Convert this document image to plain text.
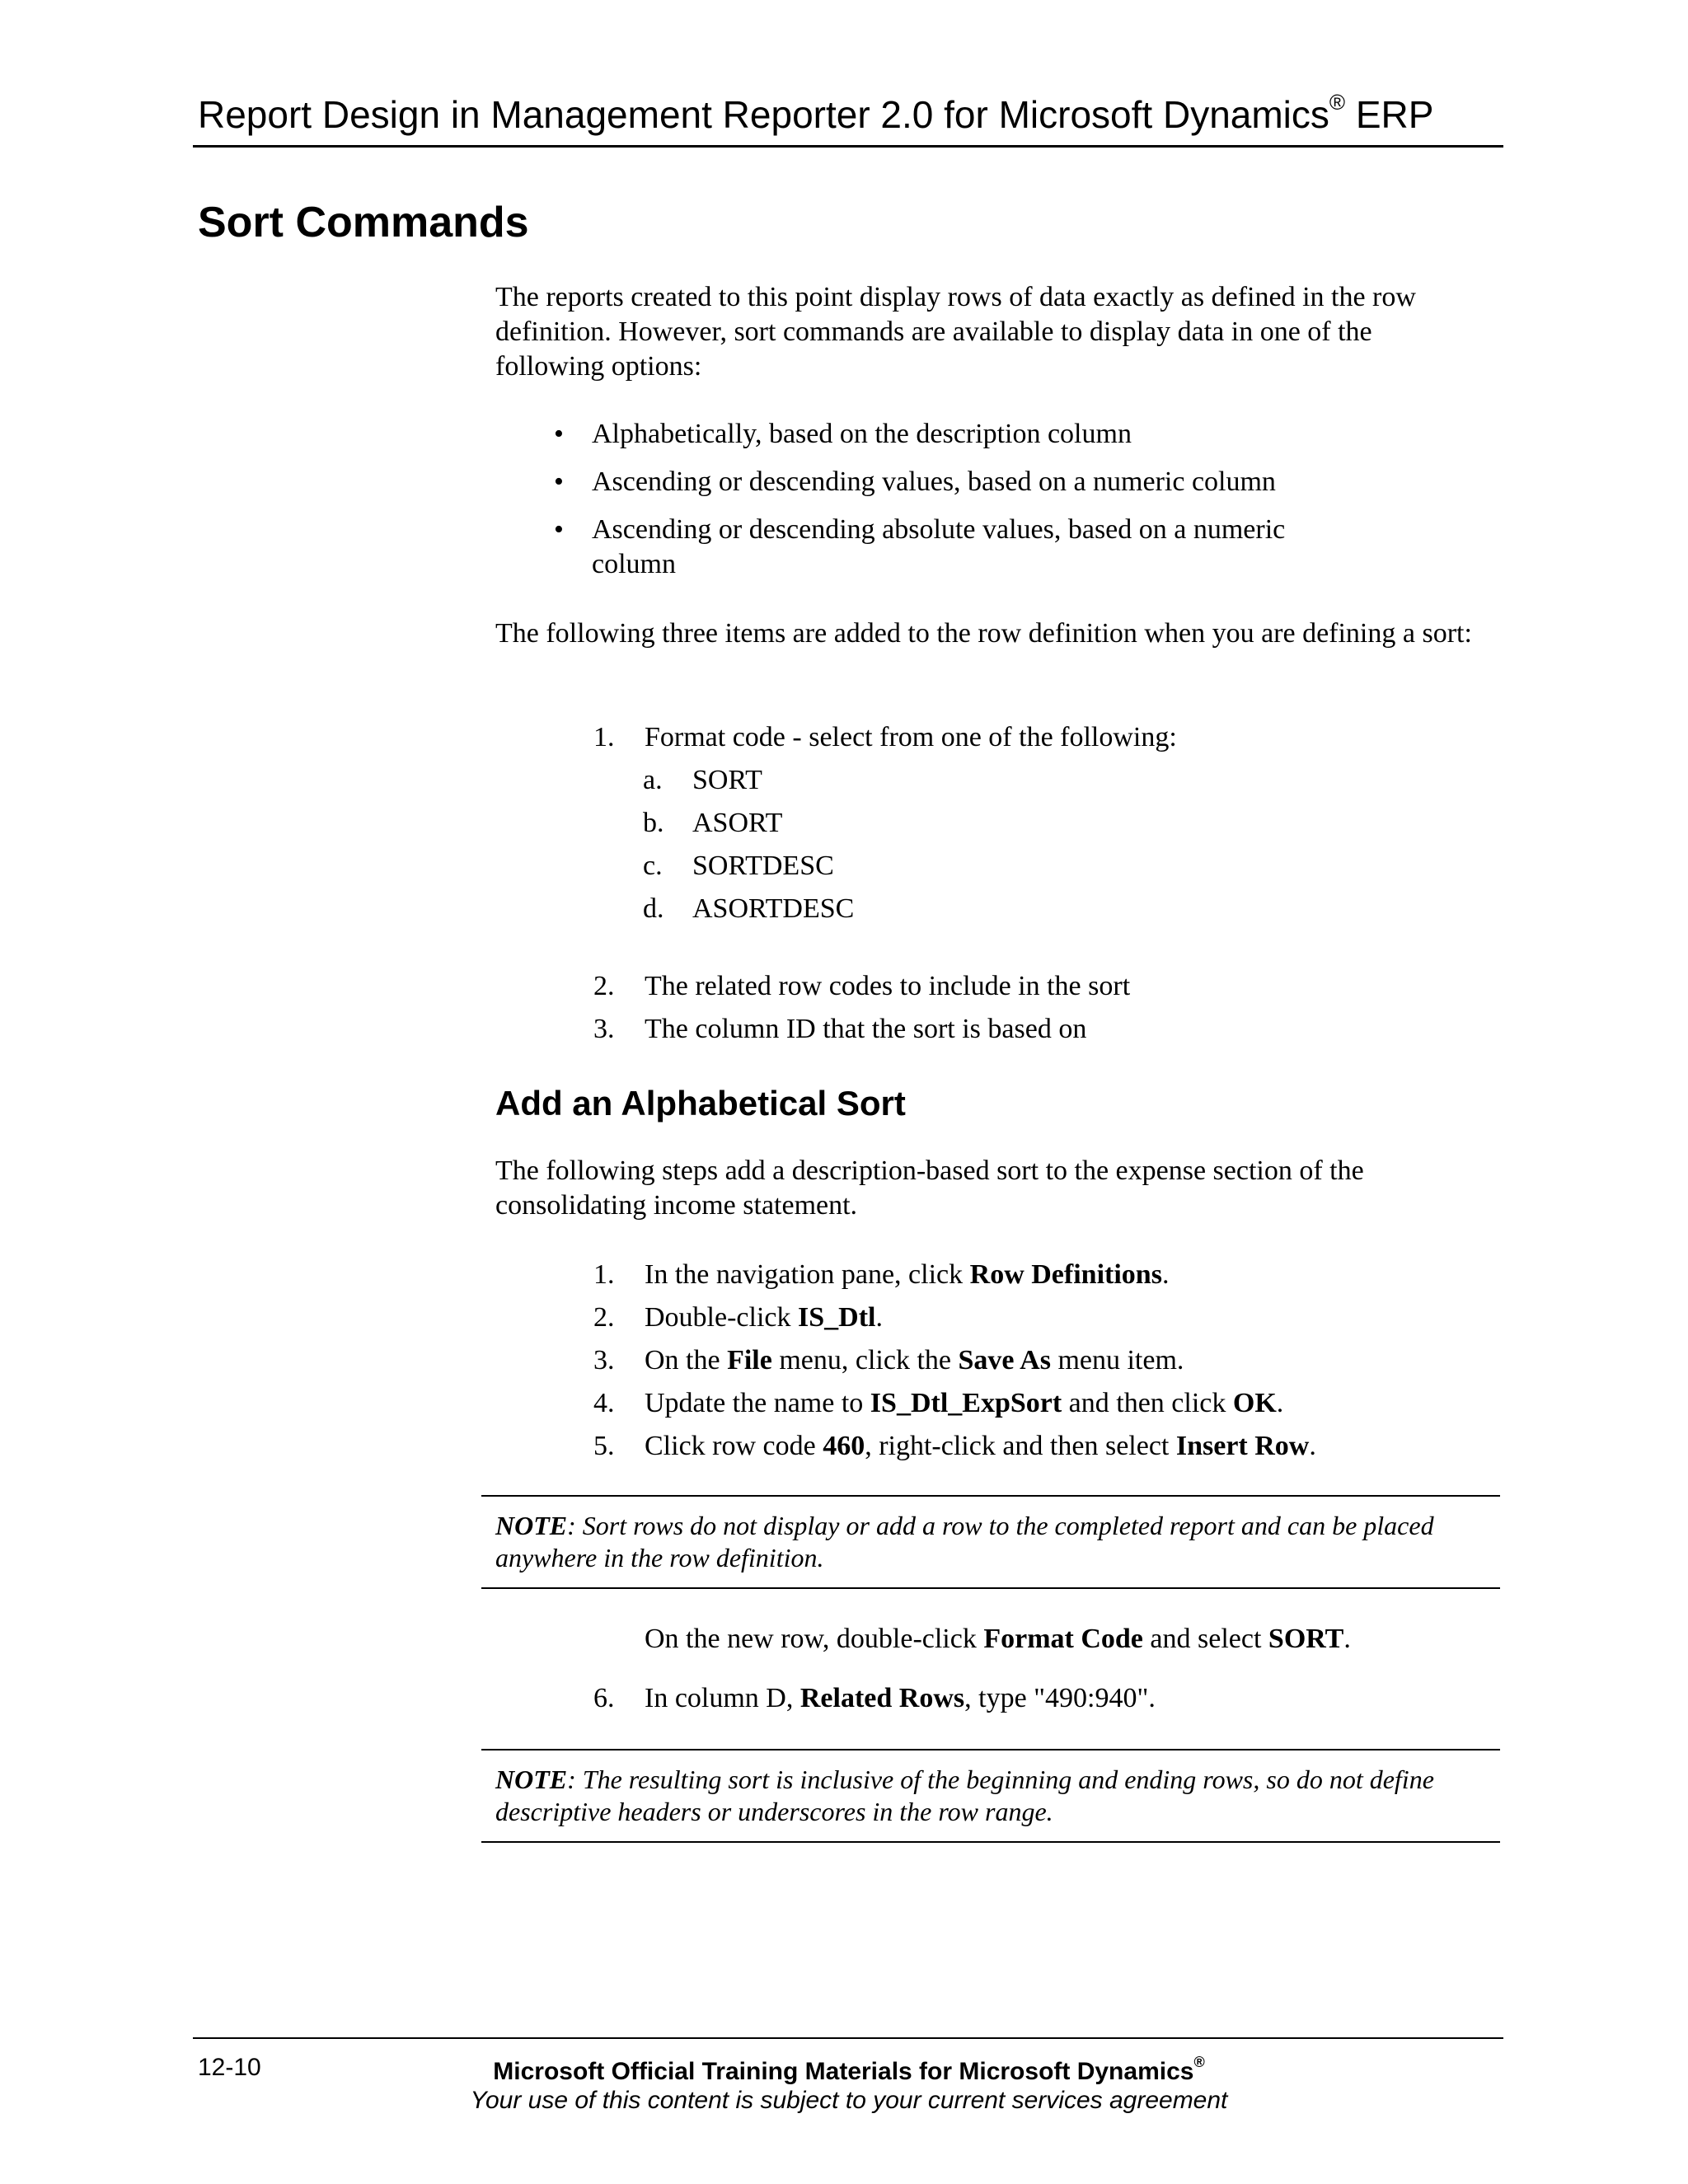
Report Design in Management Reporter 2.0 for Microsoft Dynamics® ERP
Sort Commands
The reports created to this point display rows of data exactly as defined in the row definition. However, sort commands are available to display data in one of the following options:
• Alphabetically, based on the description column
• Ascending or descending values, based on a numeric column
• Ascending or descending absolute values, based on a numeric column
The following three items are added to the row definition when you are defining a sort:
1. Format code - select from one of the following:
a. SORT
b. ASORT
c. SORTDESC
d. ASORTDESC
2. The related row codes to include in the sort
3. The column ID that the sort is based on
Add an Alphabetical Sort
The following steps add a description-based sort to the expense section of the consolidating income statement.
1. In the navigation pane, click Row Definitions.
2. Double-click IS_Dtl.
3. On the File menu, click the Save As menu item.
4. Update the name to IS_Dtl_ExpSort and then click OK.
5. Click row code 460, right-click and then select Insert Row.
NOTE: Sort rows do not display or add a row to the completed report and can be placed anywhere in the row definition.
On the new row, double-click Format Code and select SORT.
6. In column D, Related Rows, type "490:940".
NOTE: The resulting sort is inclusive of the beginning and ending rows, so do not define descriptive headers or underscores in the row range.
12-10	Microsoft Official Training Materials for Microsoft Dynamics®
Your use of this content is subject to your current services agreement
